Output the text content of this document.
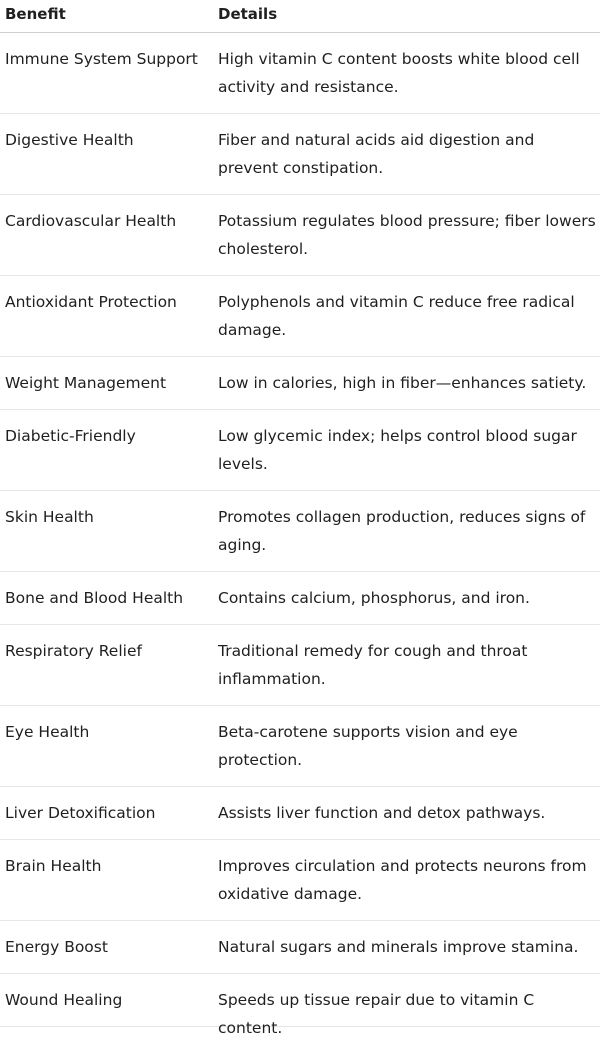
Benefit	Details
Immune System Support	High vitamin C content boosts white blood cell activity and resistance.
Digestive Health	Fiber and natural acids aid digestion and prevent constipation.
Cardiovascular Health	Potassium regulates blood pressure; fiber lowers cholesterol.
Antioxidant Protection	Polyphenols and vitamin C reduce free radical damage.
Weight Management	Low in calories, high in fiber—enhances satiety.
Diabetic-Friendly	Low glycemic index; helps control blood sugar levels.
Skin Health	Promotes collagen production, reduces signs of aging.
Bone and Blood Health	Contains calcium, phosphorus, and iron.
Respiratory Relief	Traditional remedy for cough and throat inflammation.
Eye Health	Beta-carotene supports vision and eye protection.
Liver Detoxification	Assists liver function and detox pathways.
Brain Health	Improves circulation and protects neurons from oxidative damage.
Energy Boost	Natural sugars and minerals improve stamina.
Wound Healing	Speeds up tissue repair due to vitamin C content.
